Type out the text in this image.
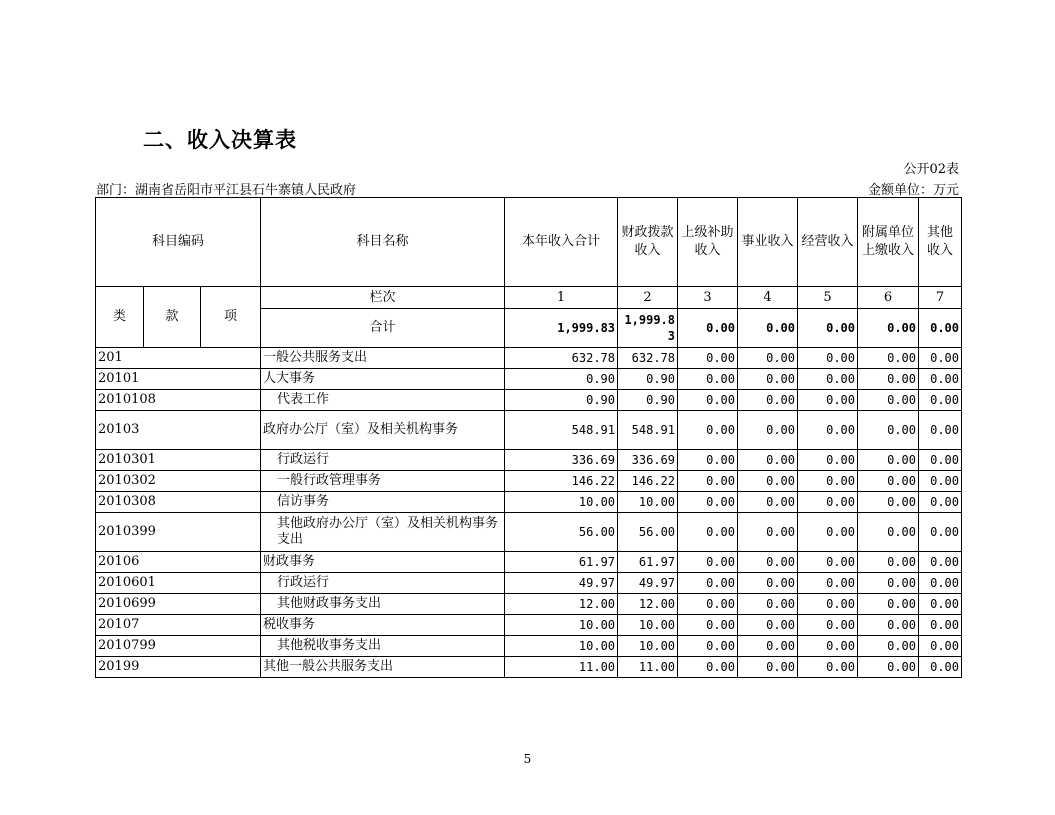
二、收入决算表
公开02表
部门：湖南省岳阳市平江县石牛寨镇人民政府	金额单位：万元
科目编码			科目名称	本年收入合计	财政拨款收入	上级补助收入	事业收入	经营收入	附属单位上缴收入	其他收入
类	款	项	栏次	1	2	3	4	5	6	7
			合计	1,999.83	1,999.83	0.00	0.00	0.00	0.00	0.00
201			一般公共服务支出	632.78	632.78	0.00	0.00	0.00	0.00	0.00
20101			人大事务	0.90	0.90	0.00	0.00	0.00	0.00	0.00
2010108			代表工作	0.90	0.90	0.00	0.00	0.00	0.00	0.00
20103			政府办公厅（室）及相关机构事务	548.91	548.91	0.00	0.00	0.00	0.00	0.00
2010301			行政运行	336.69	336.69	0.00	0.00	0.00	0.00	0.00
2010302			一般行政管理事务	146.22	146.22	0.00	0.00	0.00	0.00	0.00
2010308			信访事务	10.00	10.00	0.00	0.00	0.00	0.00	0.00
2010399			其他政府办公厅（室）及相关机构事务支出	56.00	56.00	0.00	0.00	0.00	0.00	0.00
20106			财政事务	61.97	61.97	0.00	0.00	0.00	0.00	0.00
2010601			行政运行	49.97	49.97	0.00	0.00	0.00	0.00	0.00
2010699			其他财政事务支出	12.00	12.00	0.00	0.00	0.00	0.00	0.00
20107			税收事务	10.00	10.00	0.00	0.00	0.00	0.00	0.00
2010799			其他税收事务支出	10.00	10.00	0.00	0.00	0.00	0.00	0.00
20199			其他一般公共服务支出	11.00	11.00	0.00	0.00	0.00	0.00	0.00
5
